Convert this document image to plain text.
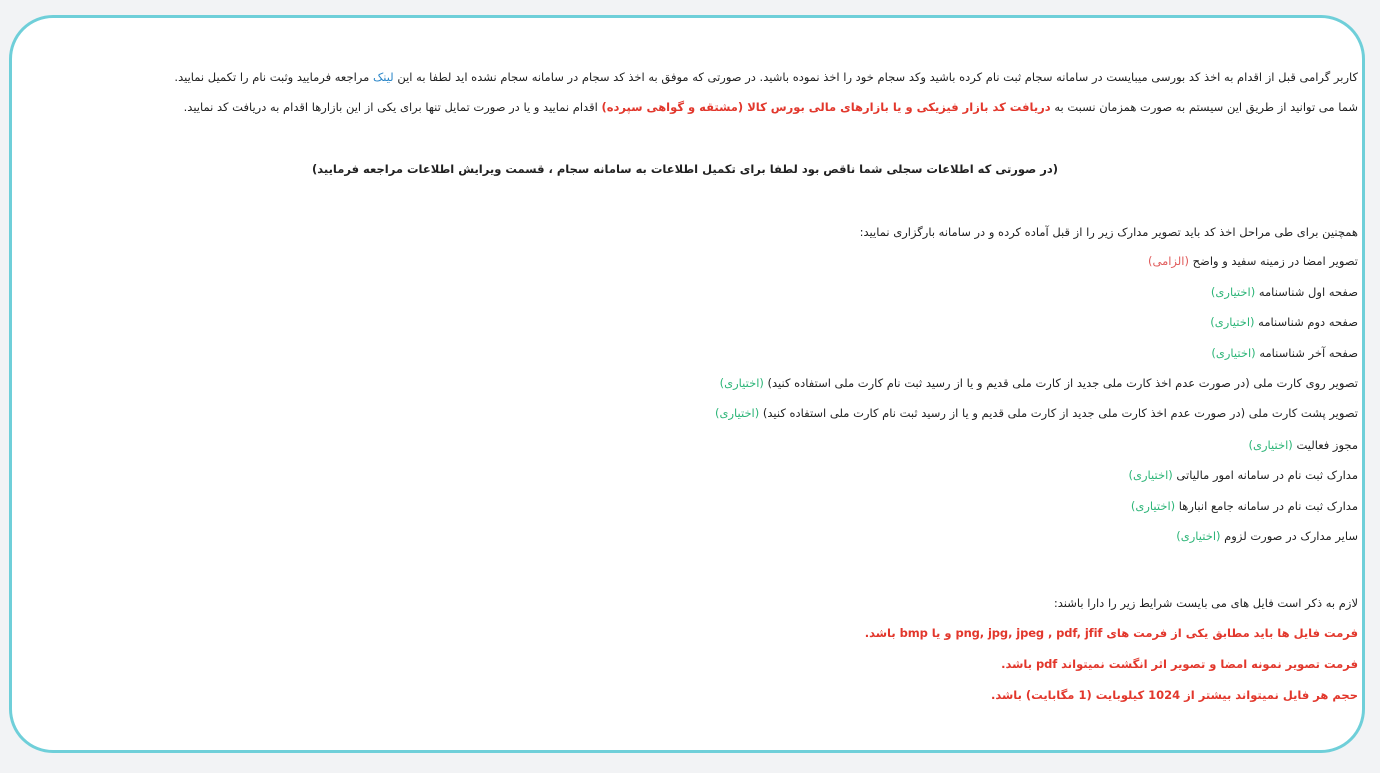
کاربر گرامی قبل از اقدام به اخذ کد بورسی میبایست در سامانه سجام ثبت نام کرده باشید وکد سجام خود را اخذ نموده باشید. در صورتی که موفق به اخذ کد سجام در سامانه سجام نشده اید لطفا به این لینک مراجعه فرمایید وثبت نام را تکمیل نمایید.
شما می توانید از طریق این سیستم به صورت همزمان نسبت به دریافت کد بازار فیزیکی و یا بازارهای مالی بورس کالا (مشتقه و گواهی سپرده) اقدام نمایید و یا در صورت تمایل تنها برای یکی از این بازارها اقدام به دریافت کد نمایید.
(در صورتی که اطلاعات سجلی شما ناقص بود لطفا برای تکمیل اطلاعات به سامانه سجام ، قسمت ویرایش اطلاعات مراجعه فرمایید)
همچنین برای طی مراحل اخذ کد باید تصویر مدارک زیر را از قبل آماده کرده و در سامانه بارگزاری نمایید:
تصویر امضا در زمینه سفید و واضح (الزامی)
صفحه اول شناسنامه (اختیاری)
صفحه دوم شناسنامه (اختیاری)
صفحه آخر شناسنامه (اختیاری)
تصویر روی کارت ملی (در صورت عدم اخذ کارت ملی جدید از کارت ملی قدیم و یا از رسید ثبت نام کارت ملی استفاده کنید) (اختیاری)
تصویر پشت کارت ملی (در صورت عدم اخذ کارت ملی جدید از کارت ملی قدیم و یا از رسید ثبت نام کارت ملی استفاده کنید) (اختیاری)
مجوز فعالیت (اختیاری)
مدارک ثبت نام در سامانه امور مالیاتی (اختیاری)
مدارک ثبت نام در سامانه جامع انبارها (اختیاری)
سایر مدارک در صورت لزوم (اختیاری)
لازم به ذکر است فایل های می بایست شرایط زیر را دارا باشند:
فرمت فایل ها باید مطابق یکی از فرمت های png, jpg, jpeg , pdf, jfif و یا bmp باشد.
فرمت تصویر نمونه امضا و تصویر اثر انگشت نمیتواند pdf باشد.
حجم هر فایل نمیتواند بیشتر از 1024 کیلوبایت (1 مگابایت) باشد.
